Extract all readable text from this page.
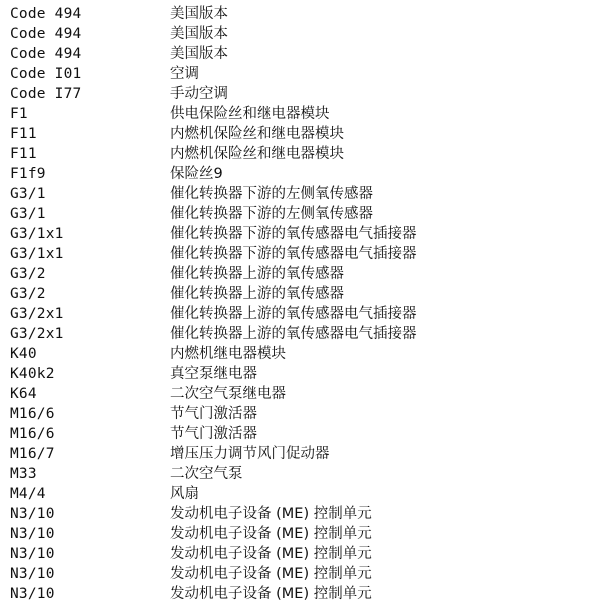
Code 494	美国版本
Code 494	美国版本
Code 494	美国版本
Code I01	空调
Code I77	手动空调
F1	供电保险丝和继电器模块
F11	内燃机保险丝和继电器模块
F11	内燃机保险丝和继电器模块
F1f9	保险丝9
G3/1	催化转换器下游的左侧氧传感器
G3/1	催化转换器下游的左侧氧传感器
G3/1x1	催化转换器下游的氧传感器电气插接器
G3/1x1	催化转换器下游的氧传感器电气插接器
G3/2	催化转换器上游的氧传感器
G3/2	催化转换器上游的氧传感器
G3/2x1	催化转换器上游的氧传感器电气插接器
G3/2x1	催化转换器上游的氧传感器电气插接器
K40	内燃机继电器模块
K40k2	真空泵继电器
K64	二次空气泵继电器
M16/6	节气门激活器
M16/6	节气门激活器
M16/7	增压压力调节风门促动器
M33	二次空气泵
M4/4	风扇
N3/10	发动机电子设备 (ME) 控制单元
N3/10	发动机电子设备 (ME) 控制单元
N3/10	发动机电子设备 (ME) 控制单元
N3/10	发动机电子设备 (ME) 控制单元
N3/10	发动机电子设备 (ME) 控制单元
